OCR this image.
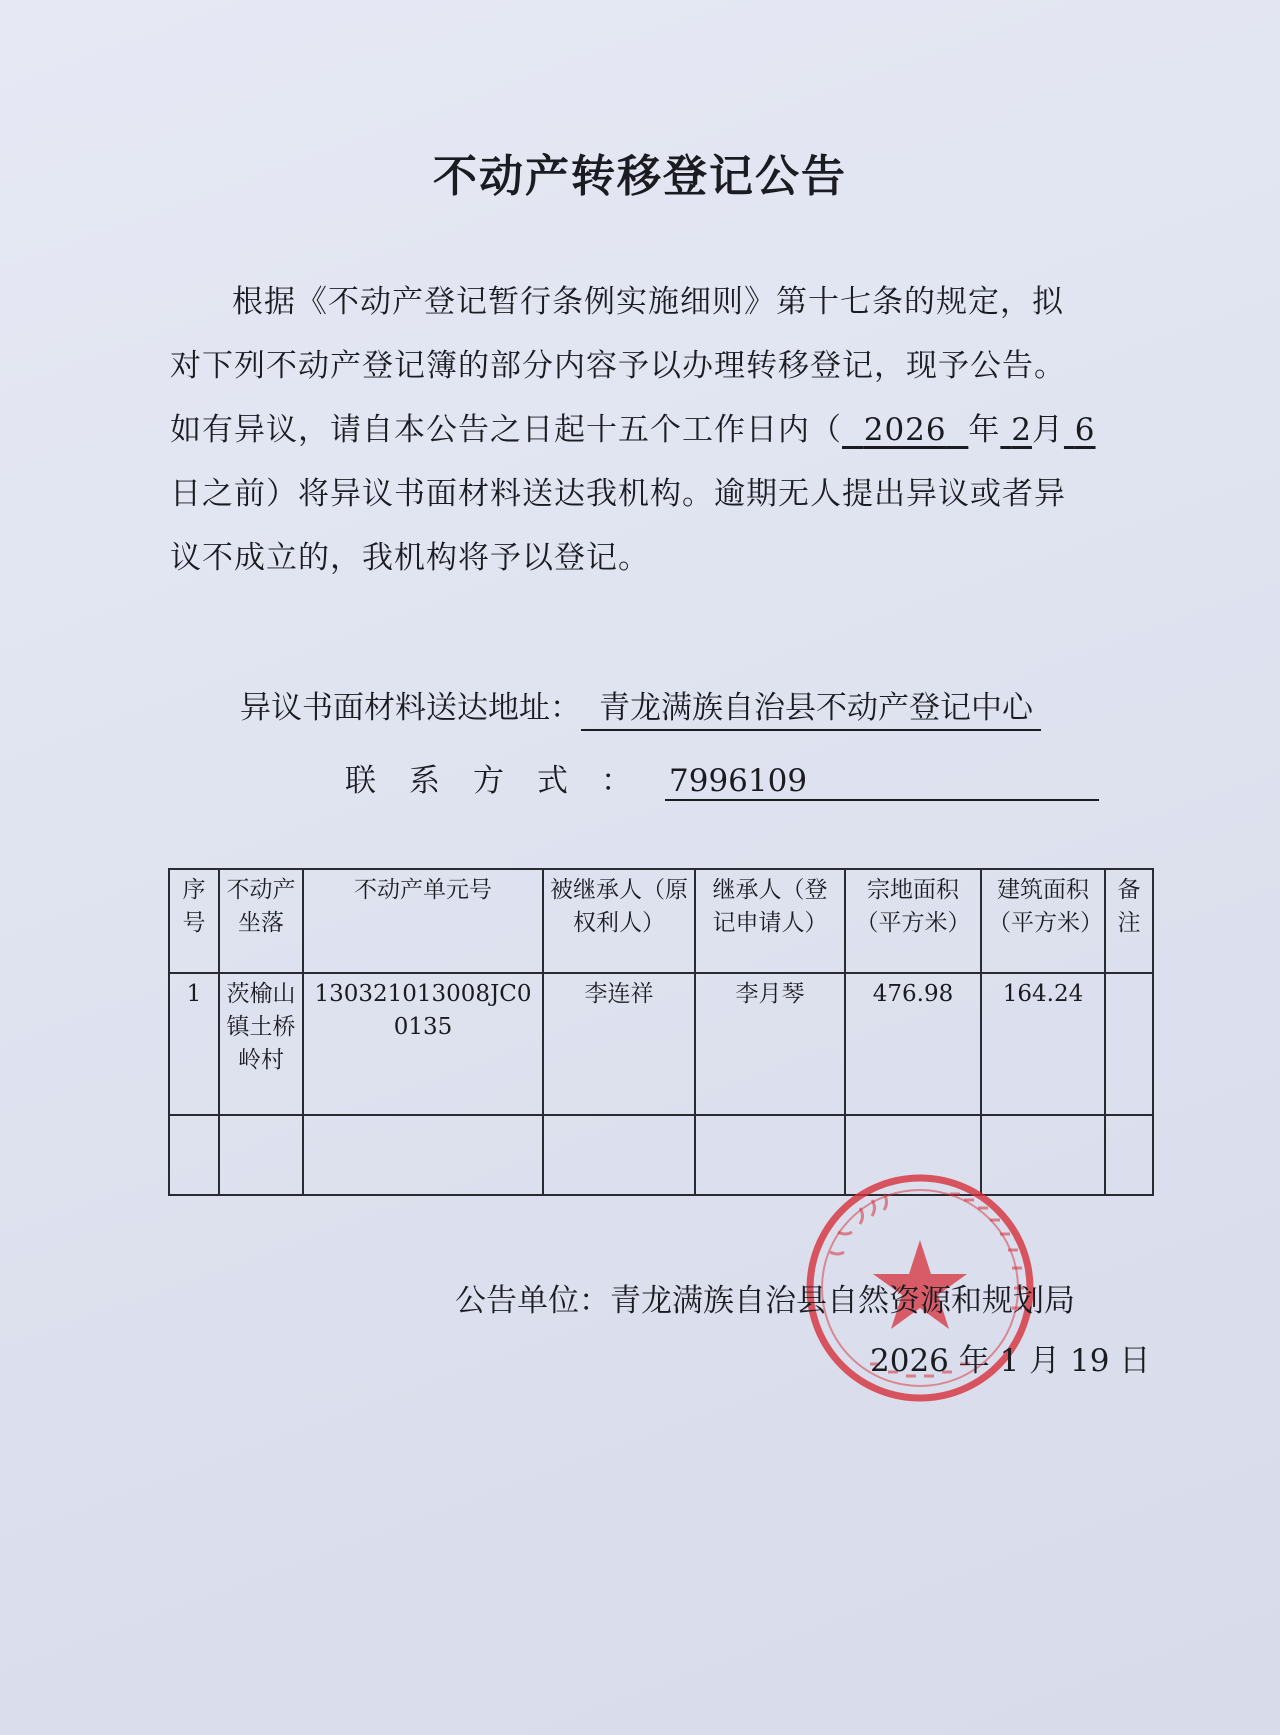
不动产转移登记公告
根据《不动产登记暂行条例实施细则》第十七条的规定，拟
对下列不动产登记簿的部分内容予以办理转移登记，现予公告。
如有异议，请自本公告之日起十五个工作日内（ 2026 年 2月 6
日之前）将异议书面材料送达我机构。逾期无人提出异议或者异
议不成立的，我机构将予以登记。
异议书面材料送达地址： 青龙满族自治县不动产登记中心
联系方式： 7996109
序号	不动产坐落	不动产单元号	被继承人（原权利人）	继承人（登记申请人）	宗地面积（平方米）	建筑面积（平方米）	备注
1	茨榆山镇土桥岭村	130321013008JC00135	李连祥	李月琴	476.98	164.24	

公告单位：青龙满族自治县自然资源和规划局
2026 年 1 月 19 日
